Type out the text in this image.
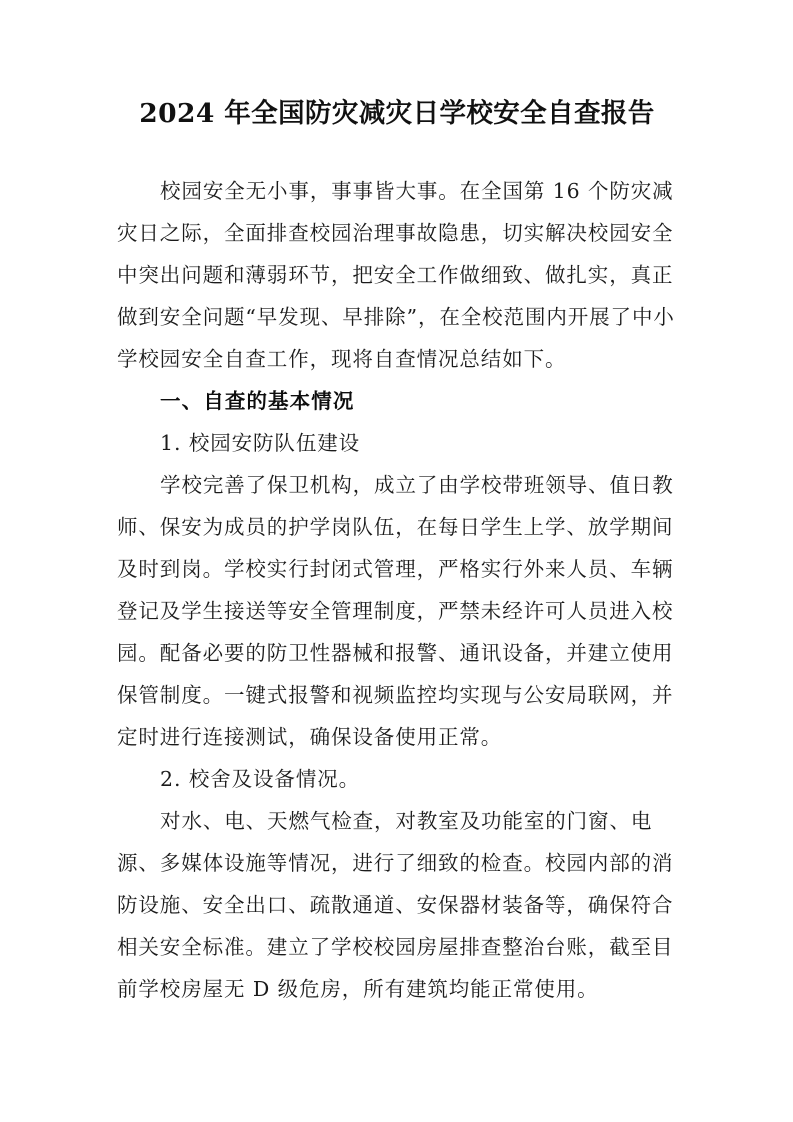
2024 年全国防灾减灾日学校安全自查报告

校园安全无小事，事事皆大事。在全国第 16 个防灾减灾日之际，全面排查校园治理事故隐患，切实解决校园安全中突出问题和薄弱环节，把安全工作做细致、做扎实，真正做到安全问题“早发现、早排除”，在全校范围内开展了中小学校园安全自查工作，现将自查情况总结如下。

一、自查的基本情况

1. 校园安防队伍建设

学校完善了保卫机构，成立了由学校带班领导、值日教师、保安为成员的护学岗队伍，在每日学生上学、放学期间及时到岗。学校实行封闭式管理，严格实行外来人员、车辆登记及学生接送等安全管理制度，严禁未经许可人员进入校园。配备必要的防卫性器械和报警、通讯设备，并建立使用保管制度。一键式报警和视频监控均实现与公安局联网，并定时进行连接测试，确保设备使用正常。

2. 校舍及设备情况。

对水、电、天燃气检查，对教室及功能室的门窗、电源、多媒体设施等情况，进行了细致的检查。校园内部的消防设施、安全出口、疏散通道、安保器材装备等，确保符合相关安全标准。建立了学校校园房屋排查整治台账，截至目前学校房屋无 D 级危房，所有建筑均能正常使用。
